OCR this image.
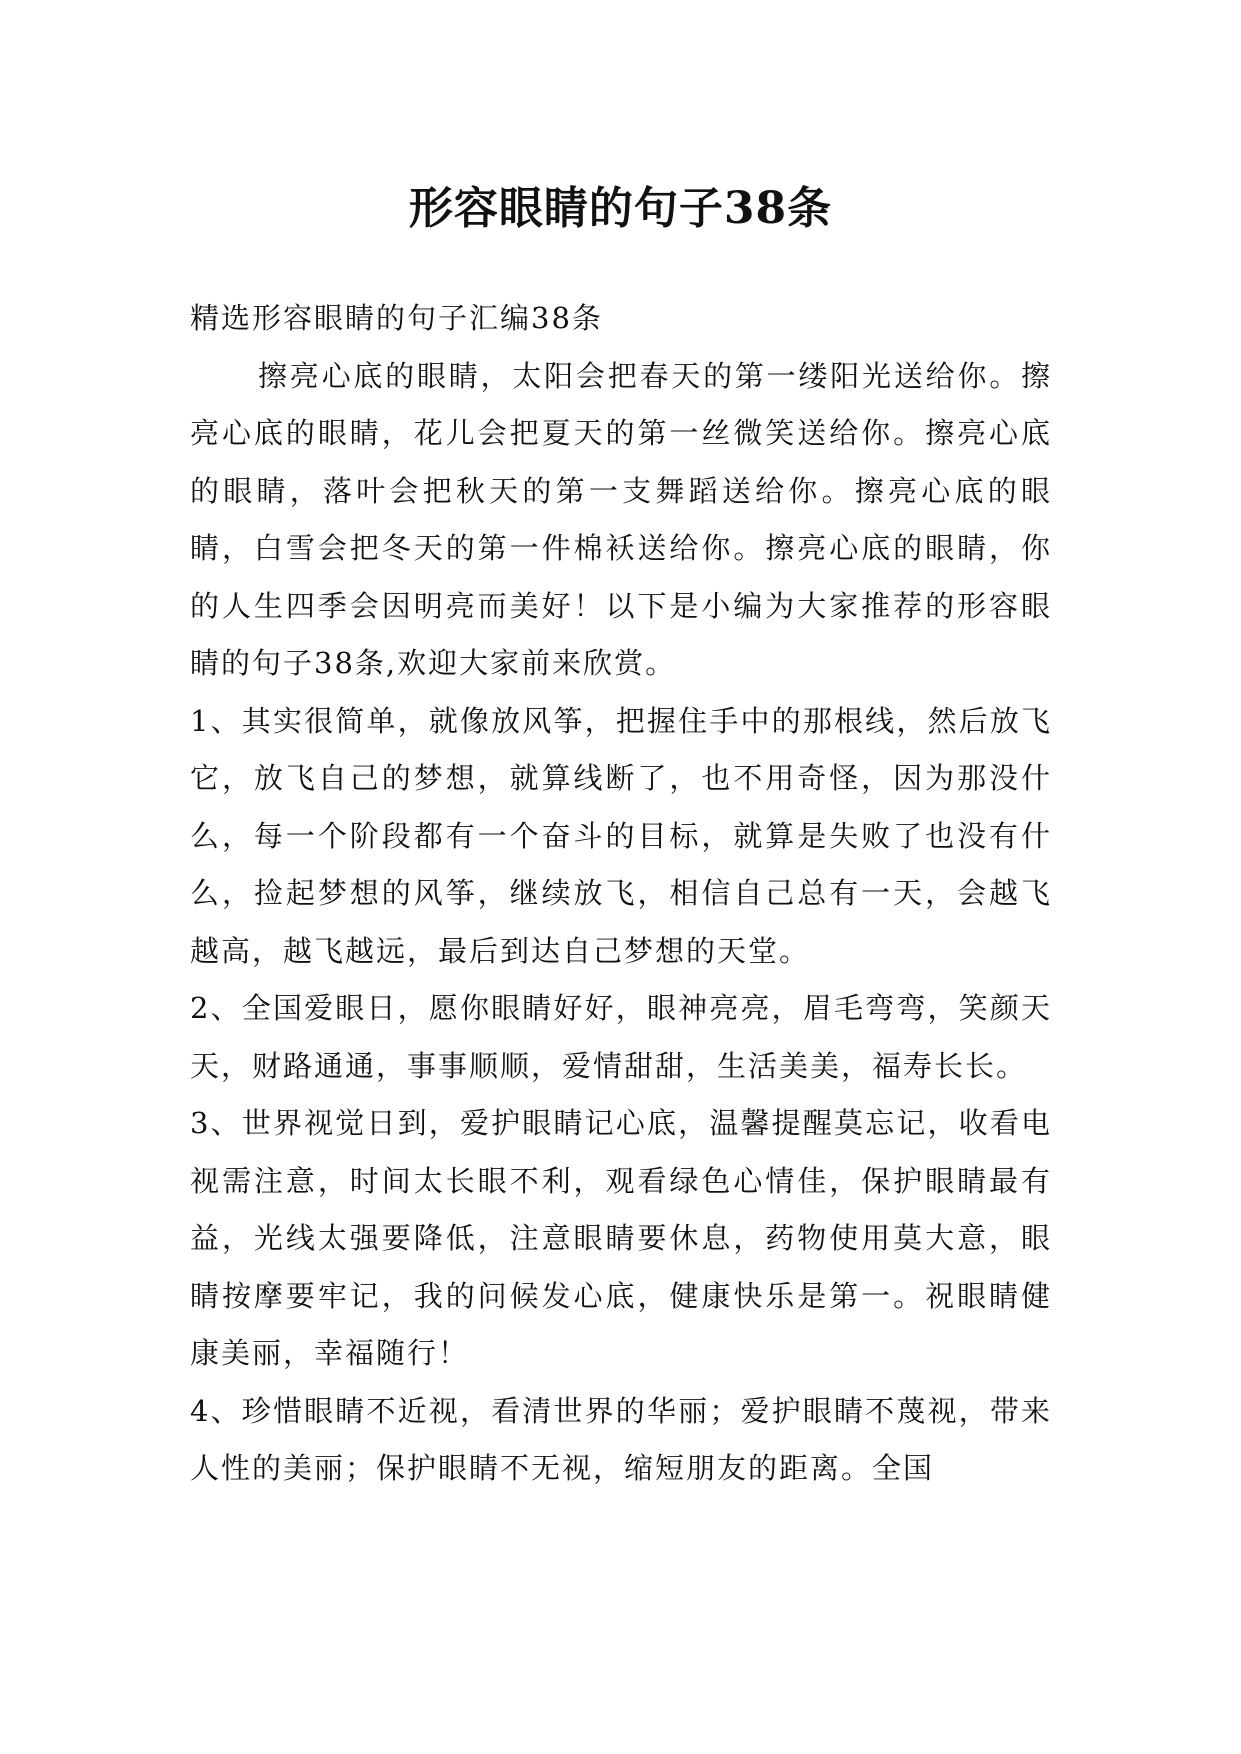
形容眼睛的句子38条

精选形容眼睛的句子汇编38条

擦亮心底的眼睛，太阳会把春天的第一缕阳光送给你。擦亮心底的眼睛，花儿会把夏天的第一丝微笑送给你。擦亮心底的眼睛，落叶会把秋天的第一支舞蹈送给你。擦亮心底的眼睛，白雪会把冬天的第一件棉袄送给你。擦亮心底的眼睛，你的人生四季会因明亮而美好！以下是小编为大家推荐的形容眼睛的句子38条,欢迎大家前来欣赏。

1、其实很简单，就像放风筝，把握住手中的那根线，然后放飞它，放飞自己的梦想，就算线断了，也不用奇怪，因为那没什么，每一个阶段都有一个奋斗的目标，就算是失败了也没有什么，捡起梦想的风筝，继续放飞，相信自己总有一天，会越飞越高，越飞越远，最后到达自己梦想的天堂。

2、全国爱眼日，愿你眼睛好好，眼神亮亮，眉毛弯弯，笑颜天天，财路通通，事事顺顺，爱情甜甜，生活美美，福寿长长。

3、世界视觉日到，爱护眼睛记心底，温馨提醒莫忘记，收看电视需注意，时间太长眼不利，观看绿色心情佳，保护眼睛最有益，光线太强要降低，注意眼睛要休息，药物使用莫大意，眼睛按摩要牢记，我的问候发心底，健康快乐是第一。祝眼睛健康美丽，幸福随行！

4、珍惜眼睛不近视，看清世界的华丽；爱护眼睛不蔑视，带来人性的美丽；保护眼睛不无视，缩短朋友的距离。全国
